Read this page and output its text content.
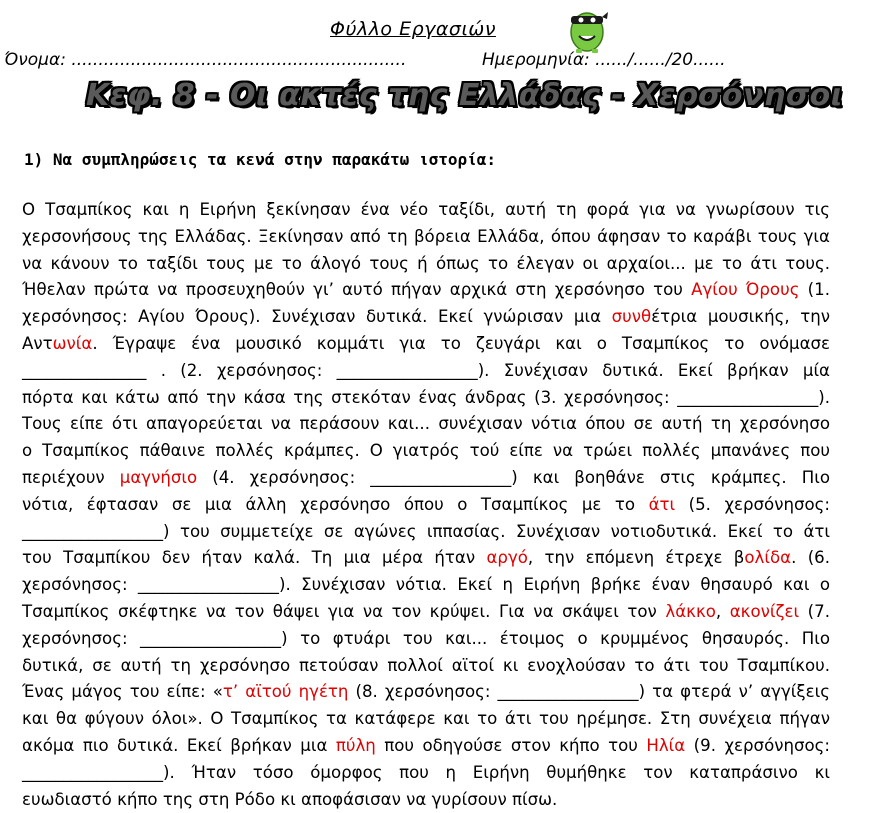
Φύλλο Εργασιών
Όνομα: ..............................................................	Ημερομηνία: ....../....../20......
Κεφ. 8 - Οι ακτές της Ελλάδας - Χερσόνησοι
1) Να συμπληρώσεις τα κενά στην παρακάτω ιστορία:
Ο Τσαμπίκος και η Ειρήνη ξεκίνησαν ένα νέο ταξίδι, αυτή τη φορά για να γνωρίσουν τις
χερσονήσους της Ελλάδας. Ξεκίνησαν από τη βόρεια Ελλάδα, όπου άφησαν το καράβι τους για
να κάνουν το ταξίδι τους με το άλογό τους ή όπως το έλεγαν οι αρχαίοι... με το άτι τους.
Ήθελαν πρώτα να προσευχηθούν γι’ αυτό πήγαν αρχικά στη χερσόνησο του Αγίου Όρους (1.
χερσόνησος: Αγίου Όρους). Συνέχισαν δυτικά. Εκεί γνώρισαν μια συνθέτρια μουσικής, την
Αντωνία. Έγραψε ένα μουσικό κομμάτι για το ζευγάρι και ο Τσαμπίκος το ονόμασε
_______________ . (2. χερσόνησος: _________________). Συνέχισαν δυτικά. Εκεί βρήκαν μία
πόρτα και κάτω από την κάσα της στεκόταν ένας άνδρας (3. χερσόνησος: _________________).
Τους είπε ότι απαγορεύεται να περάσουν και... συνέχισαν νότια όπου σε αυτή τη χερσόνησο
ο Τσαμπίκος πάθαινε πολλές κράμπες. Ο γιατρός τού είπε να τρώει πολλές μπανάνες που
περιέχουν μαγνήσιο (4. χερσόνησος: _________________) και βοηθάνε στις κράμπες. Πιο
νότια, έφτασαν σε μια άλλη χερσόνησο όπου ο Τσαμπίκος με το άτι (5. χερσόνησος:
_________________) του συμμετείχε σε αγώνες ιππασίας. Συνέχισαν νοτιοδυτικά. Εκεί το άτι
του Τσαμπίκου δεν ήταν καλά. Τη μια μέρα ήταν αργό, την επόμενη έτρεχε βολίδα. (6.
χερσόνησος: _________________). Συνέχισαν νότια. Εκεί η Ειρήνη βρήκε έναν θησαυρό και ο
Τσαμπίκος σκέφτηκε να τον θάψει για να τον κρύψει. Για να σκάψει τον λάκκο, ακονίζει (7.
χερσόνησος: _________________) το φτυάρι του και... έτοιμος ο κρυμμένος θησαυρός. Πιο
δυτικά, σε αυτή τη χερσόνησο πετούσαν πολλοί αϊτοί κι ενοχλούσαν το άτι του Τσαμπίκου.
Ένας μάγος του είπε: «τ’ αϊτού ηγέτη (8. χερσόνησος: _________________) τα φτερά ν’ αγγίξεις
και θα φύγουν όλοι». Ο Τσαμπίκος τα κατάφερε και το άτι του ηρέμησε. Στη συνέχεια πήγαν
ακόμα πιο δυτικά. Εκεί βρήκαν μια πύλη που οδηγούσε στον κήπο του Ηλία (9. χερσόνησος:
_________________). Ήταν τόσο όμορφος που η Ειρήνη θυμήθηκε τον καταπράσινο κι
ευωδιαστό κήπο της στη Ρόδο κι αποφάσισαν να γυρίσουν πίσω.
